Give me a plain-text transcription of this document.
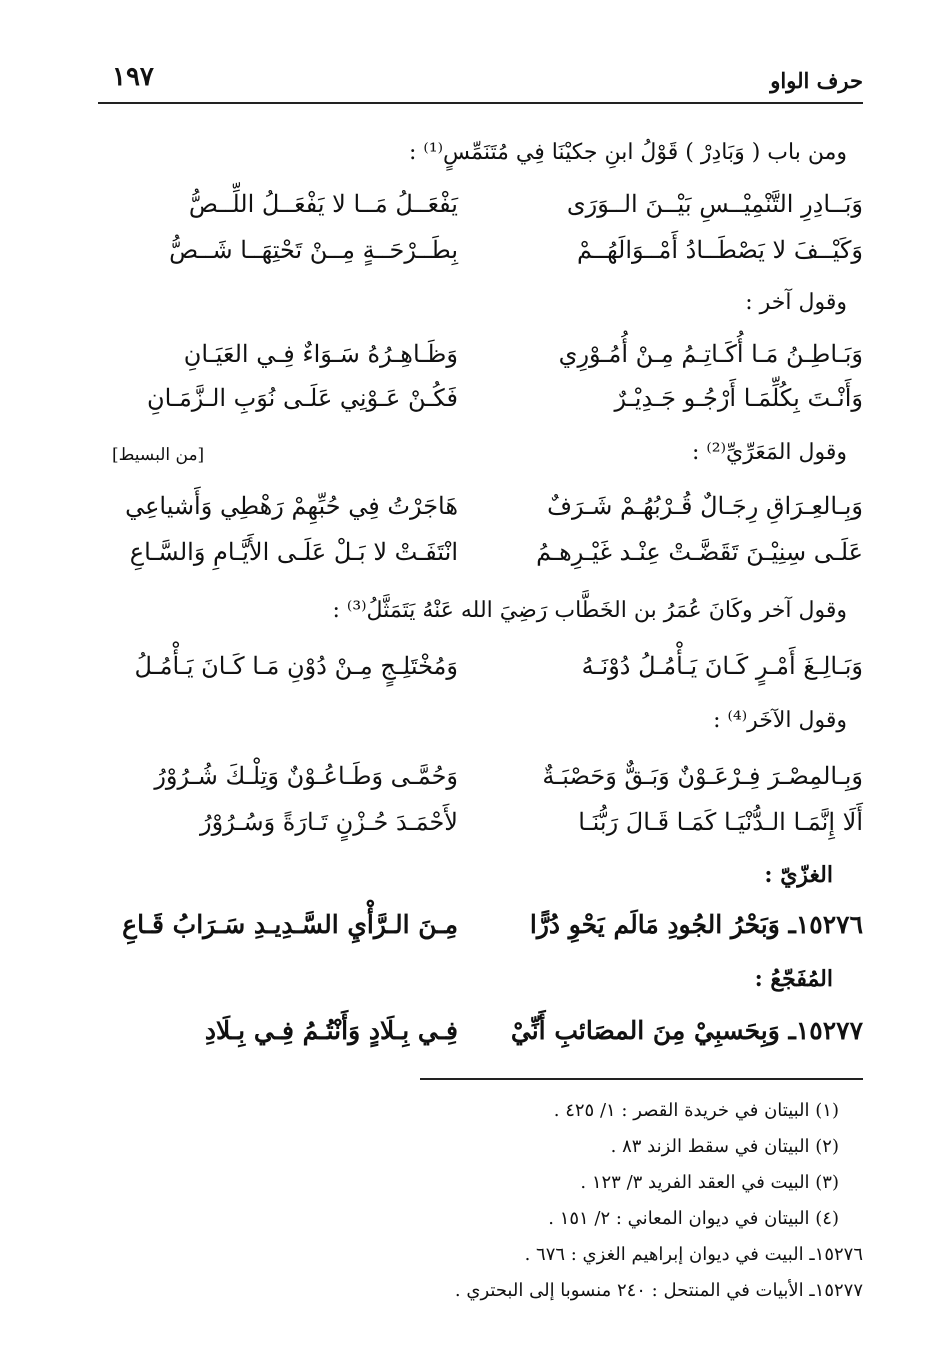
حرف الواو
١٩٧
ومن باب ( وَبَادِرْ ) قَوْلُ ابنِ جكيْنَا فِي مُتَنَمِّسٍ⁽¹⁾ :
وَبَــادِرِ التَّنْمِيْــسِ بَيْــنَ الــوَرَى
يَفْعَــلُ مَــا لا يَفْعَــلُ اللِّــصُّ
وَكَيْــفَ لا يَصْطَــادُ أَمْــوَالَهُــمْ
بِطَــرْحَــةٍ مِــنْ تَحْتِهَــا شَــصُّ
وقول آخر :
وَبَـاطِـنُ مَـا أُكَـاتِـمُ مِـنْ أُمُـوْرِي
وَظَـاهِـرُهُ سَـوَاءٌ فِـي العَيَـانِ
وَأَنْـتَ بِكُلِّمَـا أَرْجُـو جَـدِيْـرٌ
فَكُـنْ عَـوْنِي عَلَـى نُوَبِ الـزَّمَـانِ
وقول المَعَرِّيِّ⁽²⁾ :
[من البسيط]
وَبِـالعِـرَاقِ رِجَـالٌ قُـرْبُهُـمْ شَـرَفٌ
هَاجَرْتُ فِي حُبِّهِمْ رَهْطِي وَأَشياعِي
عَلَـى سِنِيْـنَ تَقَضَّـتْ عِنْـد غَيْـرِهـمُ
انْتَفَـتْ لا بَـلْ عَلَـى الأَيَّـامِ وَالسَّـاعِ
وقول آخر وكَانَ عُمَرُ بن الخَطَّاب رَضِيَ الله عَنْهُ يَتَمَثَّلُ⁽³⁾ :
وَبَـالِـغَ أَمْـرٍ كَـانَ يَـأْمُـلُ دُوْنَـهُ
وَمُخْتَلِـجٍ مِـنْ دُوْنِ مَـا كَـانَ يَـأْمُـلُ
وقول الآخَر⁽⁴⁾ :
وَبِـالمِصْـرَ فِـرْعَـوْنٌ وَبَـقٌّ وَحَصْبَـةٌ
وَحُمَّـى وَطَـاعُـوْنٌ وَتِلْـكَ شُـرُوْرُ
أَلَا إِنَّمَـا الـدُّنْيَـا كَمَـا قَـالَ رَبُّنَـا
لأَحْمَـدَ حُـزْنٍ تَـارَةً وَسُـرُوْرُ
الغزّيّ :
١٥٢٧٦ـ وَبَحْرُ الجُودِ مَالَم يَحْوِ دُرًّا
مِـنَ الـرَّأْيِ السَّـدِيـدِ سَـرَابُ قَـاعِ
المُفَجّعُ :
١٥٢٧٧ـ وَبِحَسبِيْ مِنَ المصَائبِ أَنِّيْ
فِـي بِـلَادٍ وَأَنْتُـمُ فِـي بِـلَادِ
(١) البيتان في خريدة القصر : ١/ ٤٢٥ .
(٢) البيتان في سقط الزند ٨٣ .
(٣) البيت في العقد الفريد ٣/ ١٢٣ .
(٤) البيتان في ديوان المعاني : ٢/ ١٥١ .
١٥٢٧٦ـ البيت في ديوان إبراهيم الغزي : ٦٧٦ .
١٥٢٧٧ـ الأبيات في المنتحل : ٢٤٠ منسوبا إلى البحتري .
